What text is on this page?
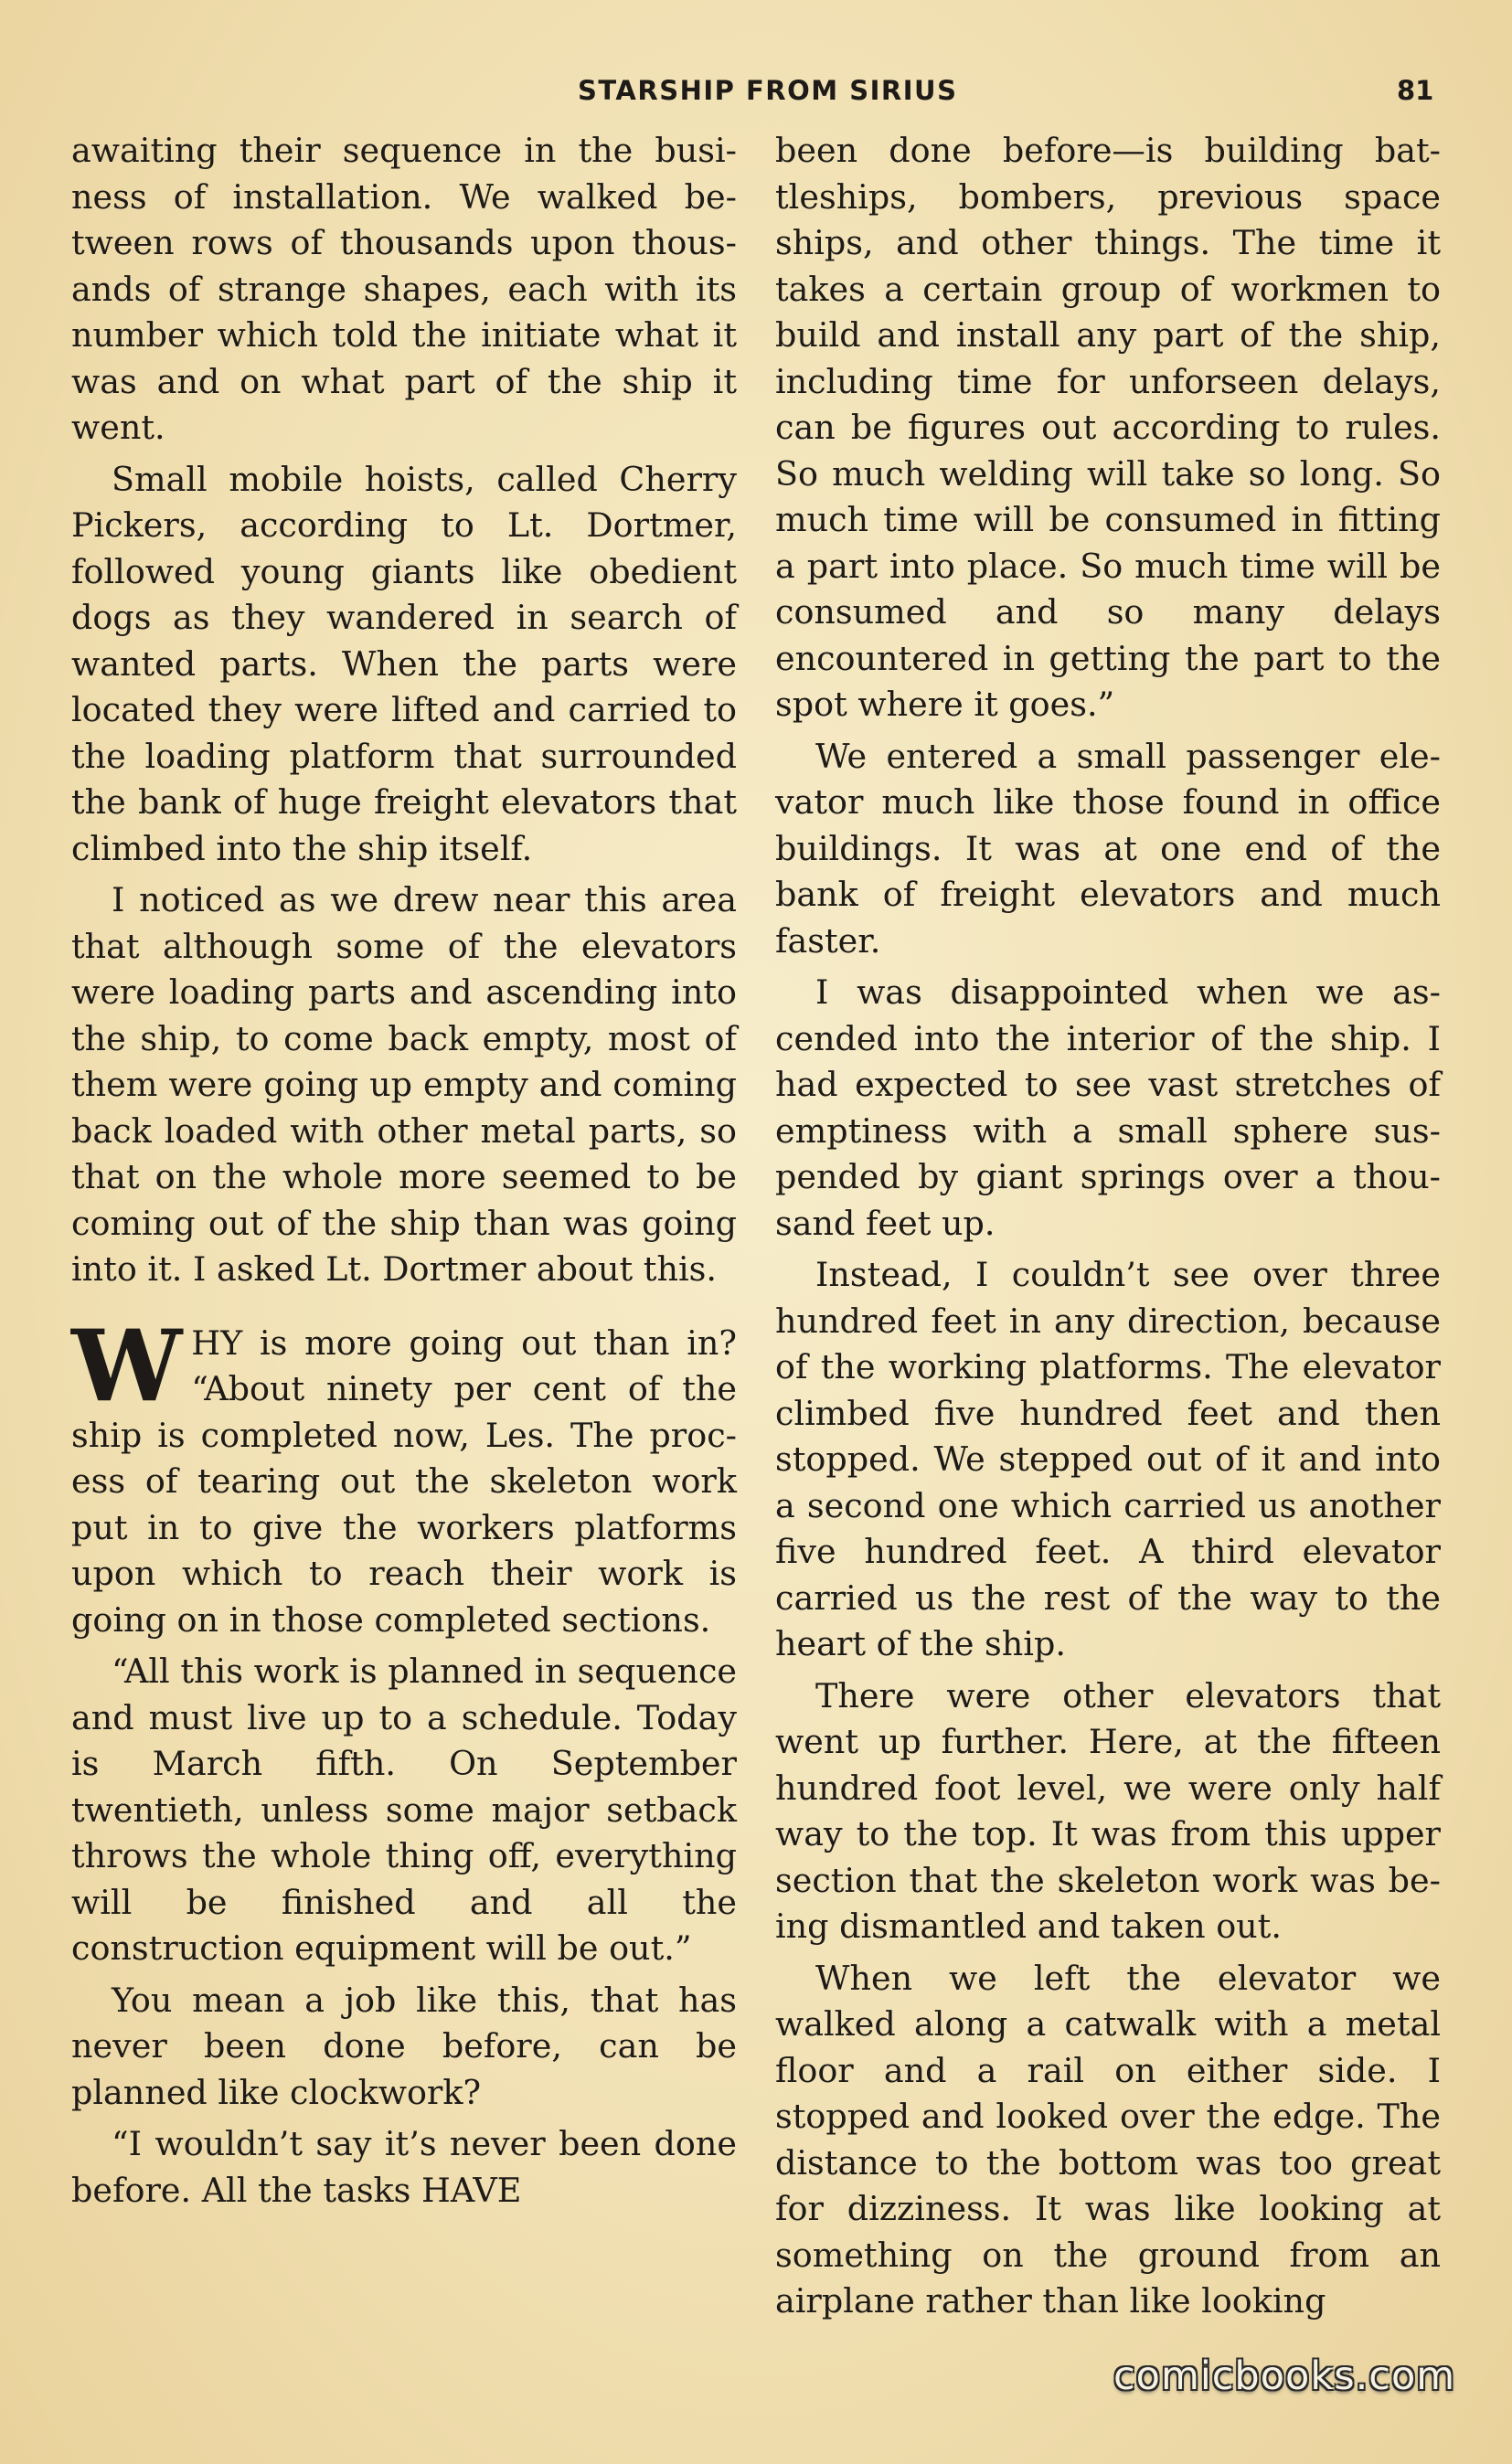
STARSHIP FROM SIRIUS	81

awaiting their sequence in the business of installation. We walked between rows of thousands upon thousands of strange shapes, each with its number which told the initiate what it was and on what part of the ship it went.

Small mobile hoists, called Cherry Pickers, according to Lt. Dortmer, followed young giants like obedient dogs as they wandered in search of wanted parts. When the parts were located they were lifted and carried to the loading platform that surrounded the bank of huge freight elevators that climbed into the ship itself.

I noticed as we drew near this area that although some of the elevators were loading parts and ascending into the ship, to come back empty, most of them were going up empty and coming back loaded with other metal parts, so that on the whole more seemed to be coming out of the ship than was going into it. I asked Lt. Dortmer about this.

WHY is more going out than in? “About ninety per cent of the ship is completed now, Les. The process of tearing out the skeleton work put in to give the workers platforms upon which to reach their work is going on in those completed sections.

“All this work is planned in sequence and must live up to a schedule. Today is March fifth. On September twentieth, unless some major setback throws the whole thing off, everything will be finished and all the construction equipment will be out.”

You mean a job like this, that has never been done before, can be planned like clockwork?

“I wouldn’t say it’s never been done before. All the tasks HAVE

been done before—is building battleships, bombers, previous space ships, and other things. The time it takes a certain group of workmen to build and install any part of the ship, including time for unforseen delays, can be figures out according to rules. So much welding will take so long. So much time will be consumed in fitting a part into place. So much time will be consumed and so many delays encountered in getting the part to the spot where it goes.”

We entered a small passenger elevator much like those found in office buildings. It was at one end of the bank of freight elevators and much faster.

I was disappointed when we ascended into the interior of the ship. I had expected to see vast stretches of emptiness with a small sphere suspended by giant springs over a thousand feet up.

Instead, I couldn’t see over three hundred feet in any direction, because of the working platforms. The elevator climbed five hundred feet and then stopped. We stepped out of it and into a second one which carried us another five hundred feet. A third elevator carried us the rest of the way to the heart of the ship.

There were other elevators that went up further. Here, at the fifteen hundred foot level, we were only half way to the top. It was from this upper section that the skeleton work was being dismantled and taken out.

When we left the elevator we walked along a catwalk with a metal floor and a rail on either side. I stopped and looked over the edge. The distance to the bottom was too great for dizziness. It was like looking at something on the ground from an airplane rather than like looking

comicbooks.com
